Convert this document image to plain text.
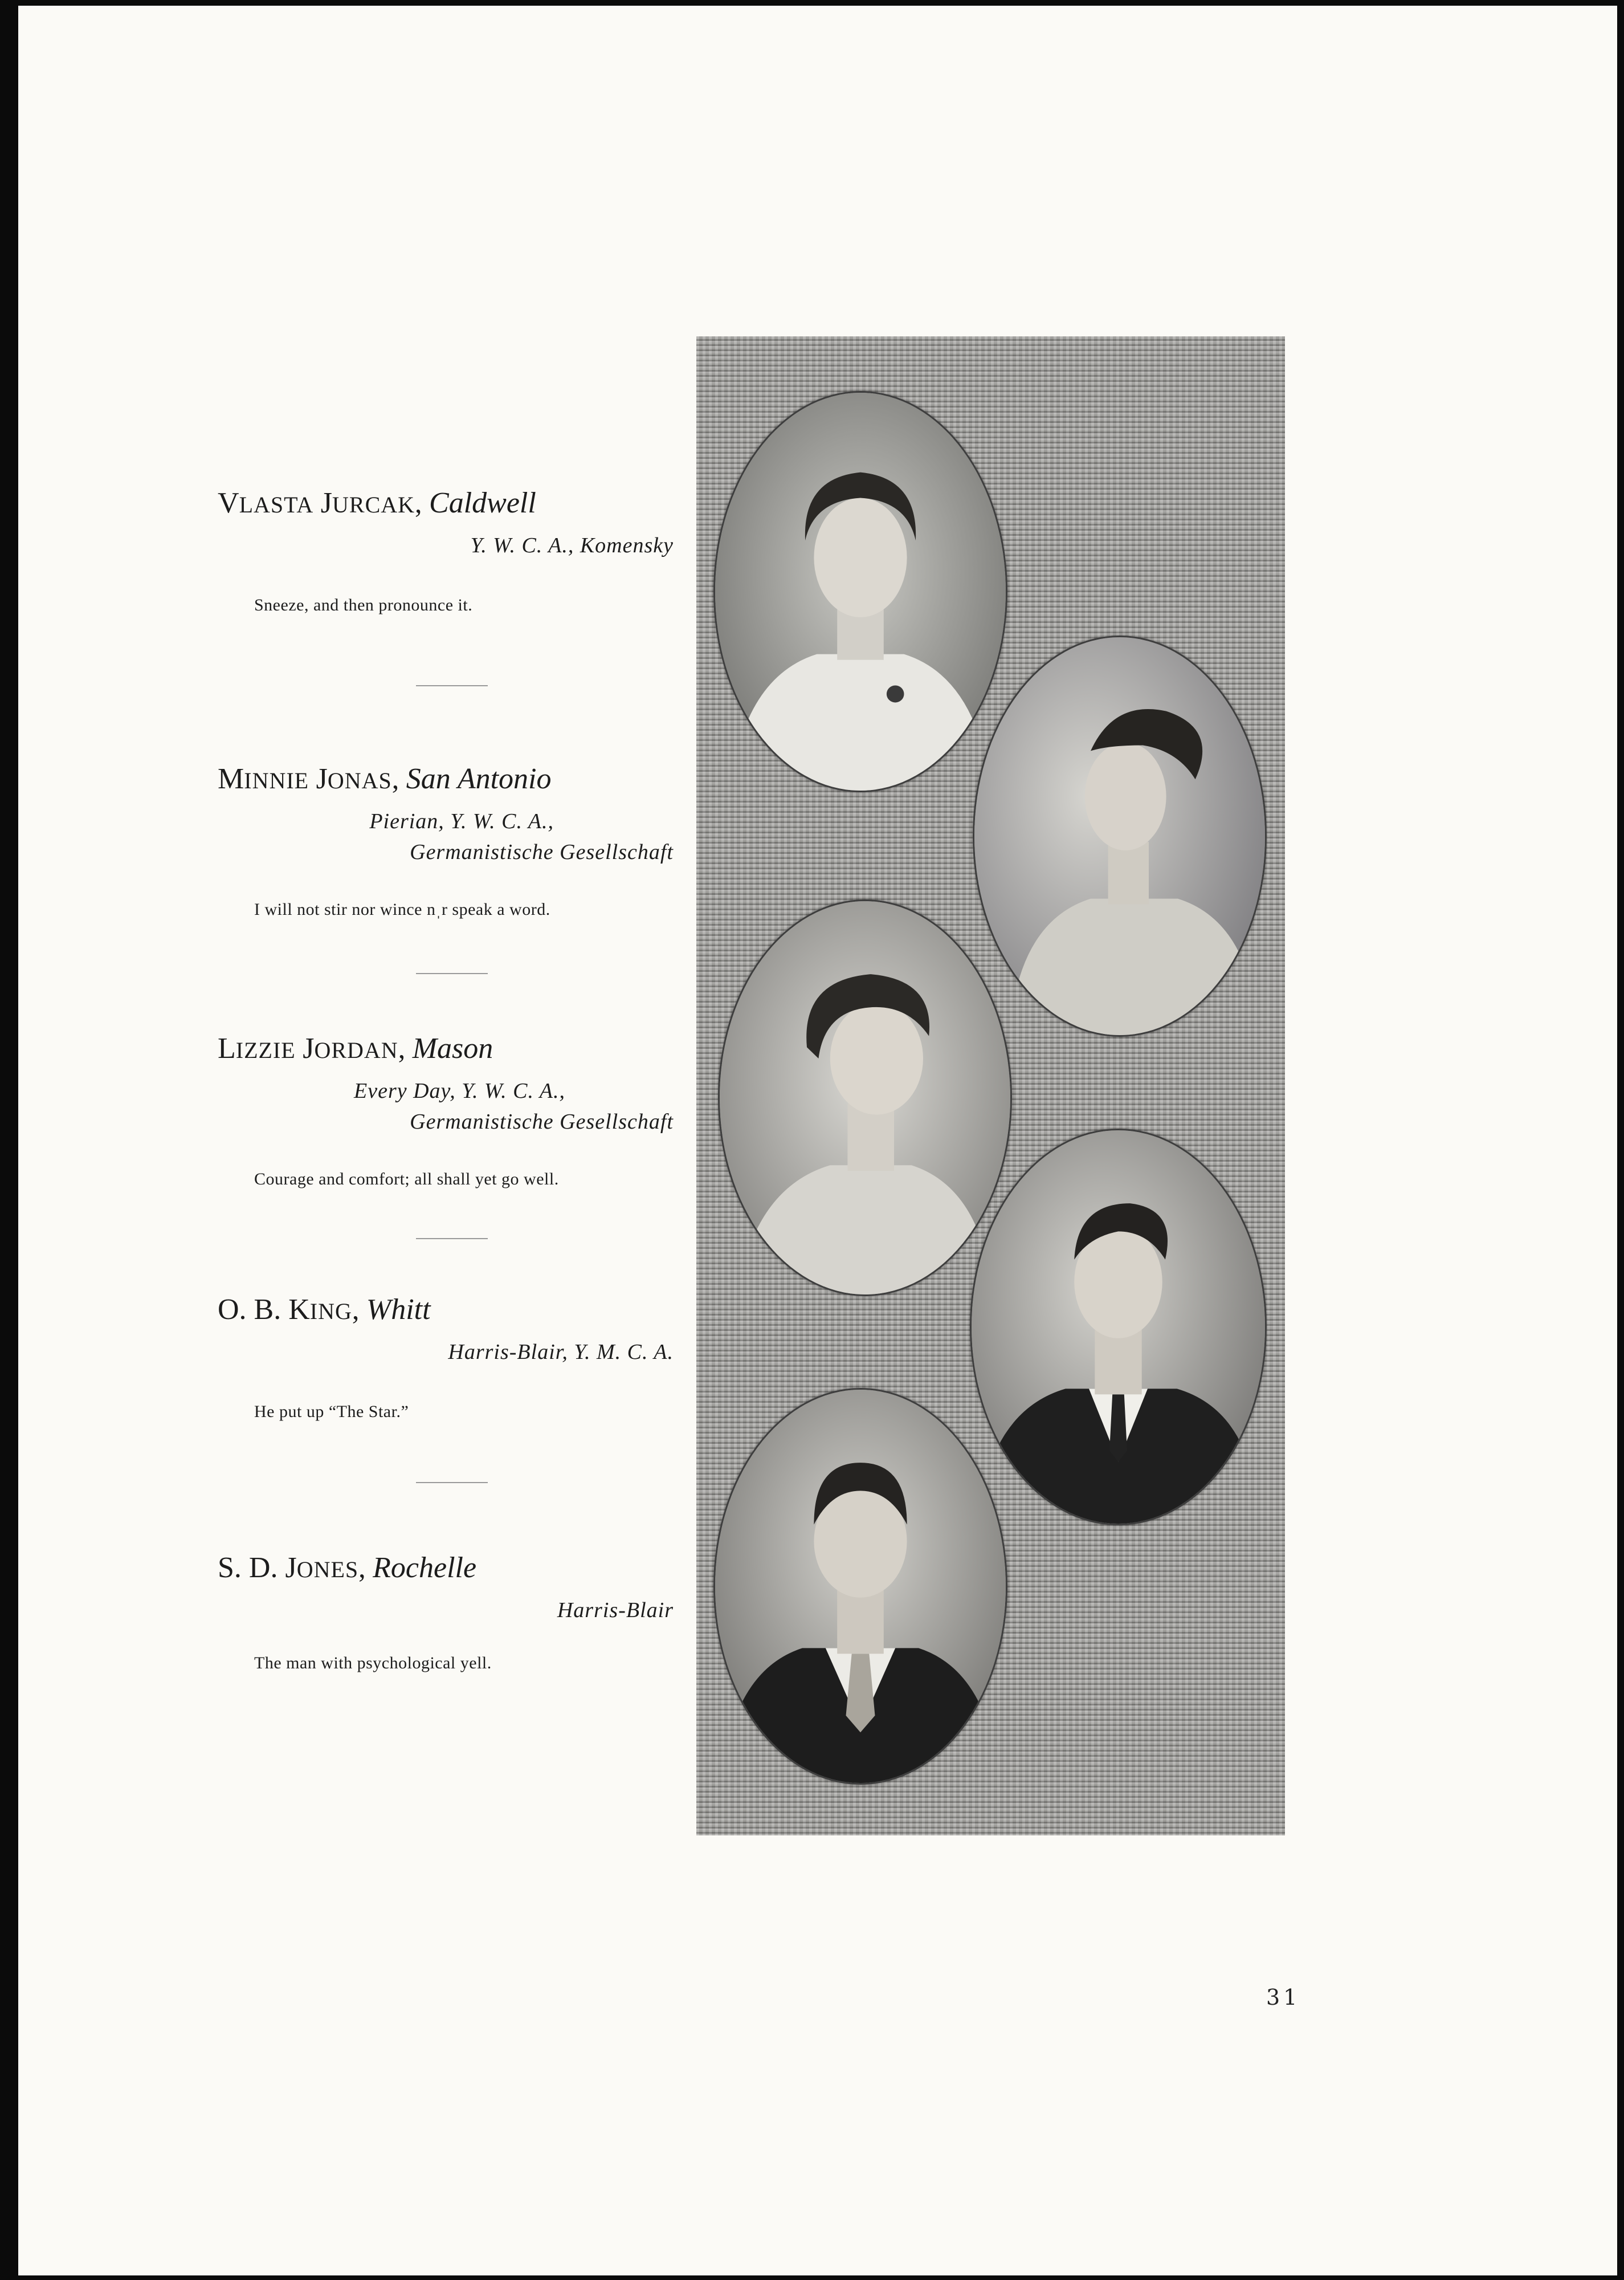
VLASTA JURCAK, Caldwell
Y. W. C. A., Komensky
Sneeze, and then pronounce it.
MINNIE JONAS, San Antonio
Pierian, Y. W. C. A.,
Germanistische Gesellschaft
I will not stir nor wince nˌr speak a word.
LIZZIE JORDAN, Mason
Every Day, Y. W. C. A.,
Germanistische Gesellschaft
Courage and comfort; all shall yet go well.
O. B. KING, Whitt
Harris-Blair, Y. M. C. A.
He put up “The Star.”
S. D. JONES, Rochelle
Harris-Blair
The man with psychological yell.
31
